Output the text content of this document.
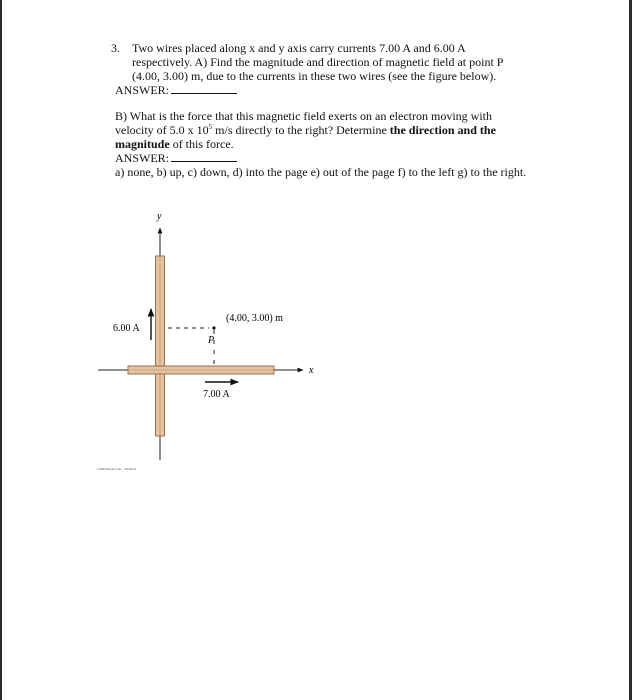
3. Two wires placed along x and y axis carry currents 7.00 A and 6.00 A
respectively. A) Find the magnitude and direction of magnetic field at point P
(4.00, 3.00) m, due to the currents in these two wires (see the figure below).
ANSWER:
B) What is the force that this magnetic field exerts on an electron moving with
velocity of 5.0 x $10^5$ m/s directly to the right? Determine the direction and the
magnitude of this force.
ANSWER:
a) none, b) up, c) down, d) into the page e) out of the page f) to the left g) to the right.
y
x
6.00 A
7.00 A
P
(4.00, 3.00) m
©2008 Brooks/Cole - Thomson
